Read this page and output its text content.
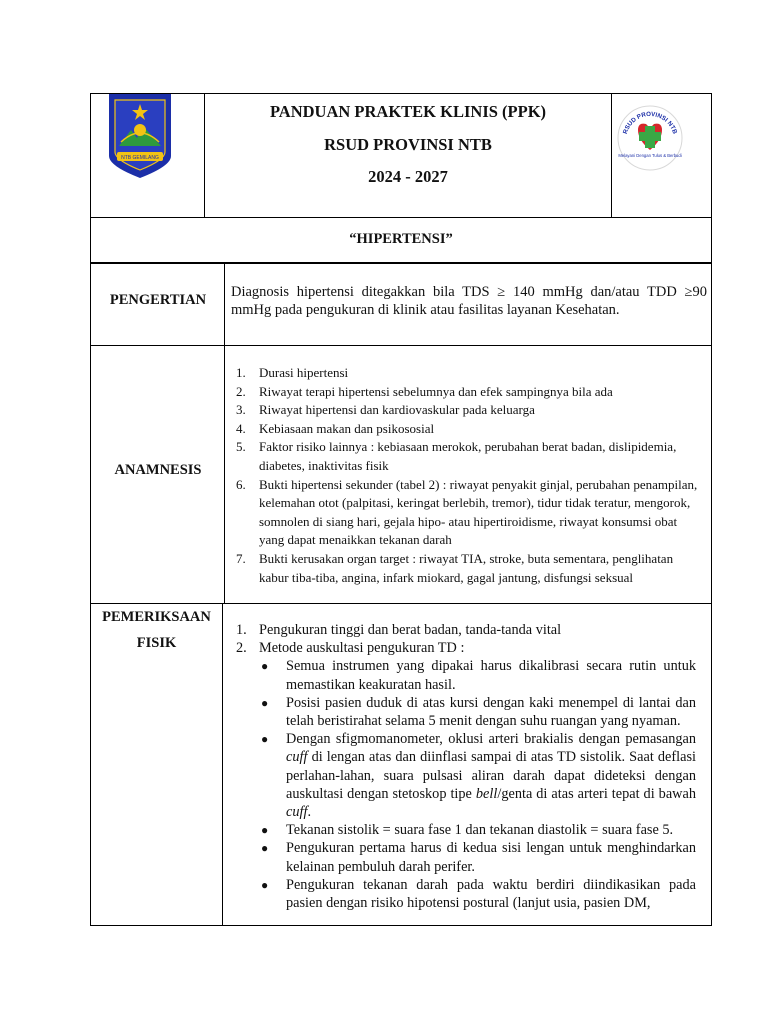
NTB GEMILANG
PANDUAN PRAKTEK KLINIS (PPK)
RSUD PROVINSI NTB
2024 - 2027
RSUD PROVINSI NTB
Melayani Dengan Tulus & Berbudi
“HIPERTENSI”
PENGERTIAN	Diagnosis hipertensi ditegakkan bila TDS ≥ 140 mmHg dan/atau TDD ≥90 mmHg pada pengukuran di klinik atau fasilitas layanan Kesehatan.
ANAMNESIS
1. Durasi hipertensi
2. Riwayat terapi hipertensi sebelumnya dan efek sampingnya bila ada
3. Riwayat hipertensi dan kardiovaskular pada keluarga
4. Kebiasaan makan dan psikososial
5. Faktor risiko lainnya : kebiasaan merokok, perubahan berat badan, dislipidemia, diabetes, inaktivitas fisik
6. Bukti hipertensi sekunder (tabel 2) : riwayat penyakit ginjal, perubahan penampilan, kelemahan otot (palpitasi, keringat berlebih, tremor), tidur tidak teratur, mengorok, somnolen di siang hari, gejala hipo- atau hipertiroidisme, riwayat konsumsi obat yang dapat menaikkan tekanan darah
7. Bukti kerusakan organ target : riwayat TIA, stroke, buta sementara, penglihatan kabur tiba-tiba, angina, infark miokard, gagal jantung, disfungsi seksual
PEMERIKSAAN
FISIK
1. Pengukuran tinggi dan berat badan, tanda-tanda vital
2. Metode auskultasi pengukuran TD :
● Semua instrumen yang dipakai harus dikalibrasi secara rutin untuk memastikan keakuratan hasil.
● Posisi pasien duduk di atas kursi dengan kaki menempel di lantai dan telah beristirahat selama 5 menit dengan suhu ruangan yang nyaman.
● Dengan sfigmomanometer, oklusi arteri brakialis dengan pemasangan cuff di lengan atas dan diinflasi sampai di atas TD sistolik. Saat deflasi perlahan-lahan, suara pulsasi aliran darah dapat dideteksi dengan auskultasi dengan stetoskop tipe bell/genta di atas arteri tepat di bawah cuff.
● Tekanan sistolik = suara fase 1 dan tekanan diastolik = suara fase 5.
● Pengukuran pertama harus di kedua sisi lengan untuk menghindarkan kelainan pembuluh darah perifer.
● Pengukuran tekanan darah pada waktu berdiri diindikasikan pada pasien dengan risiko hipotensi postural (lanjut usia, pasien DM,
